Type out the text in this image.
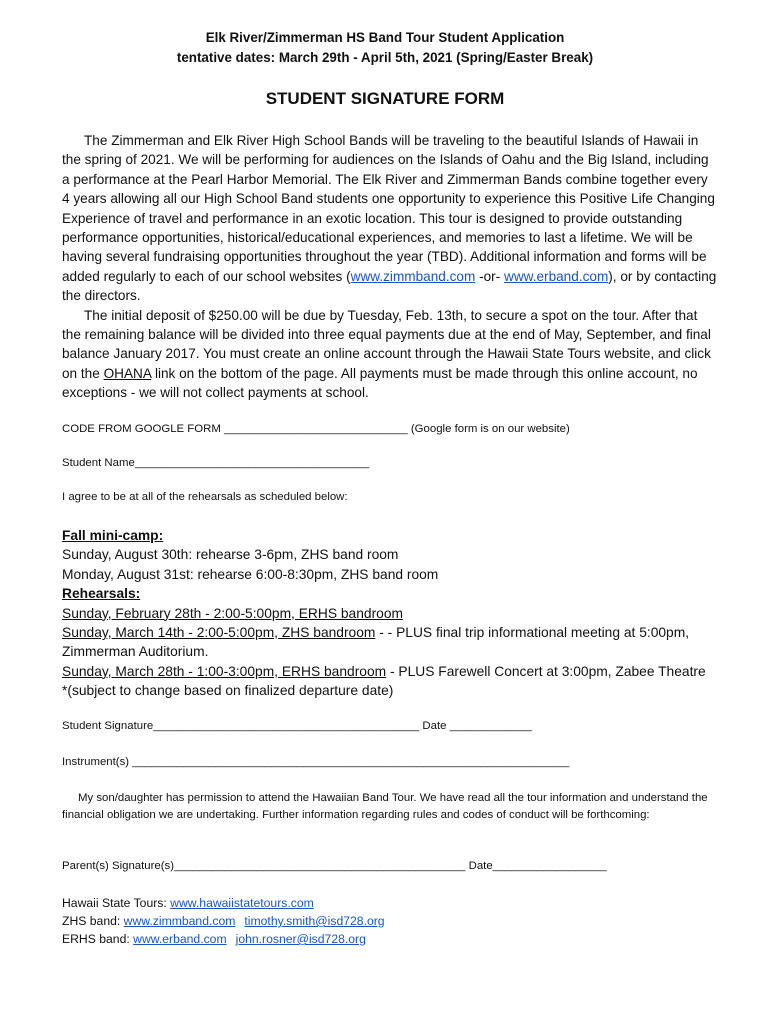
Elk River/Zimmerman HS Band Tour Student Application
tentative dates: March 29th - April 5th, 2021 (Spring/Easter Break)
STUDENT SIGNATURE FORM

The Zimmerman and Elk River High School Bands will be traveling to the beautiful Islands of Hawaii in the spring of 2021. We will be performing for audiences on the Islands of Oahu and the Big Island, including a performance at the Pearl Harbor Memorial. The Elk River and Zimmerman Bands combine together every 4 years allowing all our High School Band students one opportunity to experience this Positive Life Changing Experience of travel and performance in an exotic location. This tour is designed to provide outstanding performance opportunities, historical/educational experiences, and memories to last a lifetime. We will be having several fundraising opportunities throughout the year (TBD). Additional information and forms will be added regularly to each of our school websites (www.zimmband.com -or- www.erband.com), or by contacting the directors.

The initial deposit of $250.00 will be due by Tuesday, Feb. 13th, to secure a spot on the tour. After that the remaining balance will be divided into three equal payments due at the end of May, September, and final balance January 2017. You must create an online account through the Hawaii State Tours website, and click on the OHANA link on the bottom of the page. All payments must be made through this online account, no exceptions - we will not collect payments at school.

CODE FROM GOOGLE FORM _____________________________ (Google form is on our website)
Student Name_____________________________________
I agree to be at all of the rehearsals as scheduled below:
Fall mini-camp:
Sunday, August 30th: rehearse 3-6pm, ZHS band room
Monday, August 31st: rehearse 6:00-8:30pm, ZHS band room
Rehearsals:
Sunday, February 28th - 2:00-5:00pm, ERHS bandroom
Sunday, March 14th - 2:00-5:00pm, ZHS bandroom - - PLUS final trip informational meeting at 5:00pm,
Zimmerman Auditorium.
Sunday, March 28th - 1:00-3:00pm, ERHS bandroom - PLUS Farewell Concert at 3:00pm, Zabee Theatre
*(subject to change based on finalized departure date)
Student Signature__________________________________________ Date _____________
Instrument(s) _____________________________________________________________________

My son/daughter has permission to attend the Hawaiian Band Tour. We have read all the tour information and understand the financial obligation we are undertaking. Further information regarding rules and codes of conduct will be forthcoming:

Parent(s) Signature(s)______________________________________________ Date__________________
Hawaii State Tours: www.hawaiistatetours.com
ZHS band: www.zimmband.com timothy.smith@isd728.org
ERHS band: www.erband.com john.rosner@isd728.org
